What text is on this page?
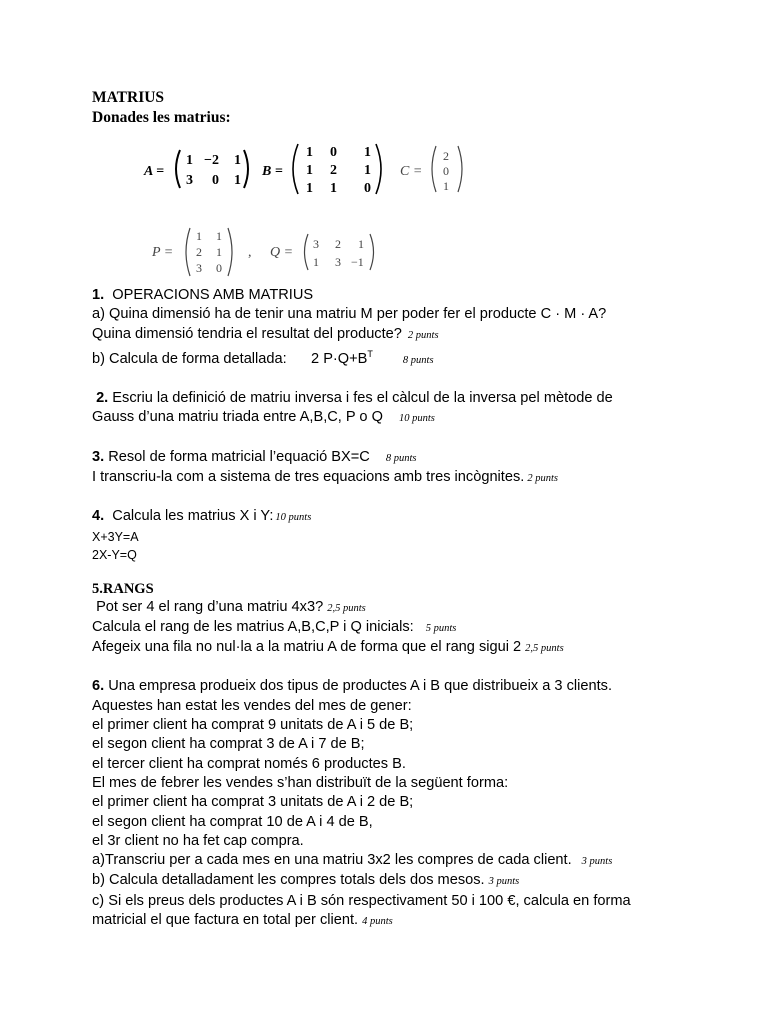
MATRIUS
Donades les matrius:
A =
1 −2 1
3 0 1
B =
1 0 1
1 2 1
1 1 0
C =
2
0
1
P =
1 1
2 1
3 0
, Q =
3 2 1
1 3 −1
1. OPERACIONS AMB MATRIUS
a) Quina dimensió ha de tenir una matriu M per poder fer el producte C · M · A?
Quina dimensió tendria el resultat del producte? 2 punts
b) Calcula de forma detallada: 2 $P\cdot Q+B^T8$ punts
2. Escriu la definició de matriu inversa i fes el càlcul de la inversa pel mètode de
Gauss d’una matriu triada entre A,B,C, P o Q 10 punts
3. Resol de forma matricial l’equació BX=C 8 punts
I transcriu-la com a sistema de tres equacions amb tres incògnites. 2 punts
4. Calcula les matrius X i Y: 10 punts
X+3Y=A
2X-Y=Q
5.RANGS
Pot ser 4 el rang d’una matriu 4x3? 2,5 punts
Calcula el rang de les matrius A,B,C,P i Q inicials: 5 punts
Afegeix una fila no nul·la a la matriu A de forma que el rang sigui 2 2,5 punts
6. Una empresa produeix dos tipus de productes A i B que distribueix a 3 clients.
Aquestes han estat les vendes del mes de gener:
el primer client ha comprat 9 unitats de A i 5 de B;
el segon client ha comprat 3 de A i 7 de B;
el tercer client ha comprat només 6 productes B.
El mes de febrer les vendes s’han distribuït de la següent forma:
el primer client ha comprat 3 unitats de A i 2 de B;
el segon client ha comprat 10 de A i 4 de B,
el 3r client no ha fet cap compra.
a)Transcriu per a cada mes en una matriu 3x2 les compres de cada client. 3 punts
b) Calcula detalladament les compres totals dels dos mesos. 3 punts
c) Si els preus dels productes A i B són respectivament 50 i 100 €, calcula en forma
matricial el que factura en total per client. 4 punts
